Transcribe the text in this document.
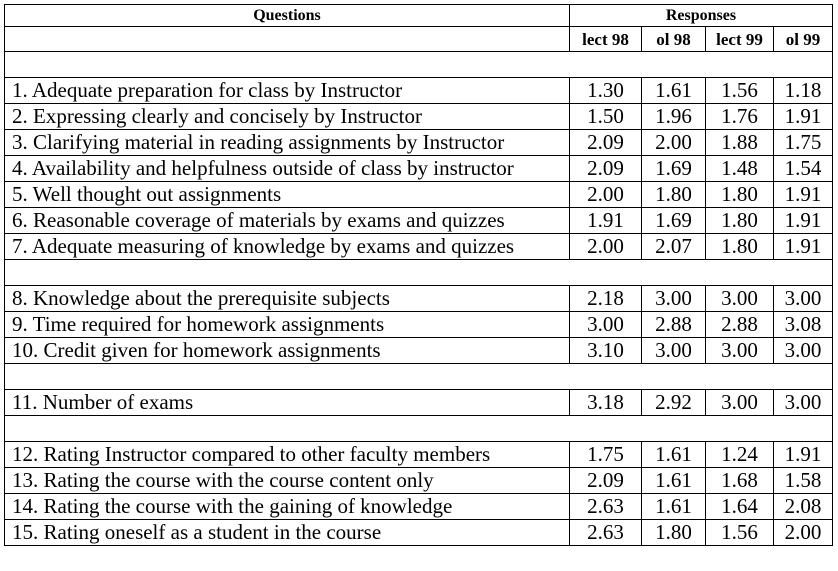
Questions	Responses			
	lect 98	ol 98	lect 99	ol 99

1. Adequate preparation for class by Instructor	1.30	1.61	1.56	1.18
2. Expressing clearly and concisely by Instructor	1.50	1.96	1.76	1.91
3. Clarifying material in reading assignments by Instructor	2.09	2.00	1.88	1.75
4. Availability and helpfulness outside of class by instructor	2.09	1.69	1.48	1.54
5. Well thought out assignments	2.00	1.80	1.80	1.91
6. Reasonable coverage of materials by exams and quizzes	1.91	1.69	1.80	1.91
7. Adequate measuring of knowledge by exams and quizzes	2.00	2.07	1.80	1.91

8. Knowledge about the prerequisite subjects	2.18	3.00	3.00	3.00
9. Time required for homework assignments	3.00	2.88	2.88	3.08
10. Credit given for homework assignments	3.10	3.00	3.00	3.00

11. Number of exams	3.18	2.92	3.00	3.00

12. Rating Instructor compared to other faculty members	1.75	1.61	1.24	1.91
13. Rating the course with the course content only	2.09	1.61	1.68	1.58
14. Rating the course with the gaining of knowledge	2.63	1.61	1.64	2.08
15. Rating oneself as a student in the course	2.63	1.80	1.56	2.00
